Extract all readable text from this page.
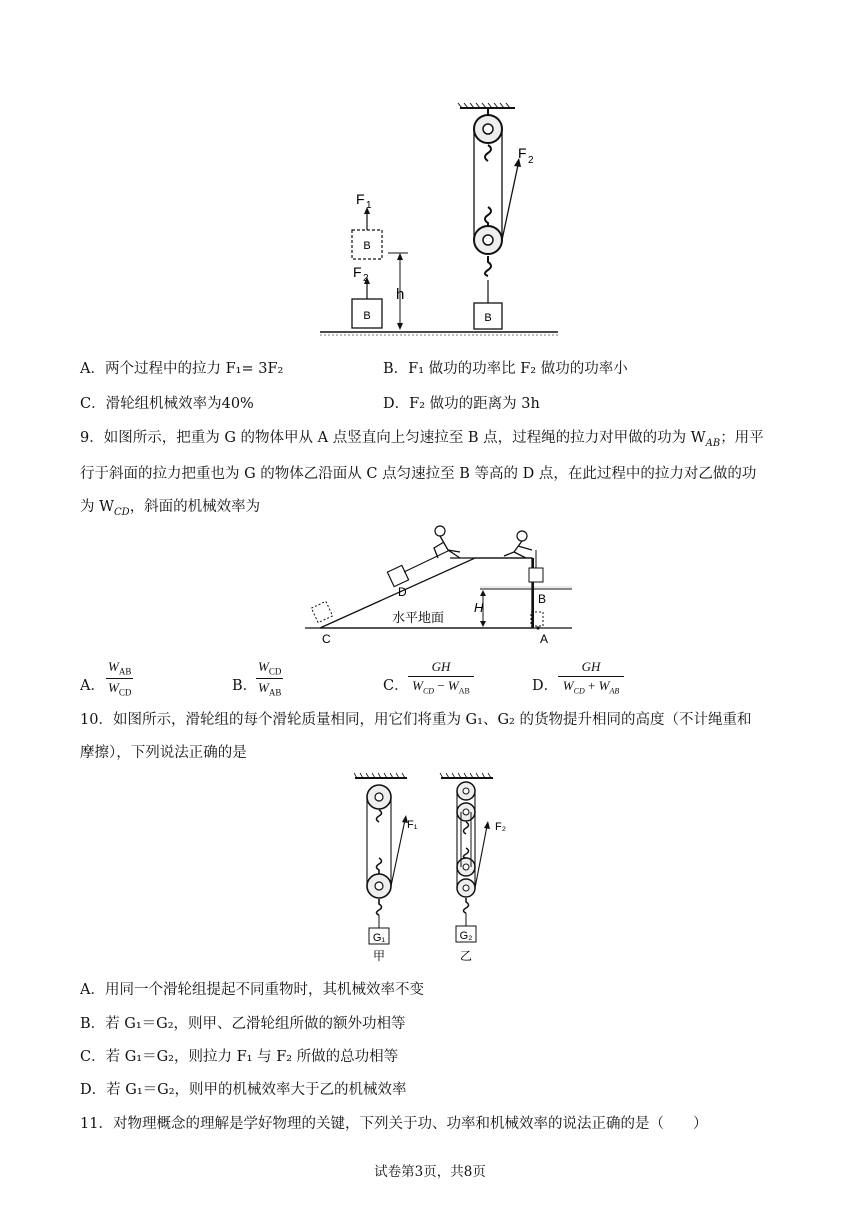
B
F 2
B
F 1
h
F 2
B
A．两个过程中的拉力 F₁= 3F₂	B．F₁ 做功的功率比 F₂ 做功的功率小
C．滑轮组机械效率为40%	D．F₂ 做功的距离为 3h
9．如图所示，把重为 G 的物体甲从 A 点竖直向上匀速拉至 B 点，过程绳的拉力对甲做的功为 $W_{AB}$；用平
行于斜面的拉力把重也为 G 的物体乙沿面从 C 点匀速拉至 B 等高的 D 点，在此过程中的拉力对乙做的功
为 $W_{CD}$，斜面的机械效率为
H
水平地面
C
D	B
A
A．
$W_{AB}$
$W_{CD}$	B．
$W_{CD}$
$W_{AB}$	C．
GH
$W_{CD} - W_{AB}$	D．
GH
$W_{CD} + W_{AB}$
10．如图所示，滑轮组的每个滑轮质量相同，用它们将重为 G₁、G₂ 的货物提升相同的高度（不计绳重和
摩擦），下列说法正确的是
F₁
G₁
甲
F₂
G₂
乙
A．用同一个滑轮组提起不同重物时，其机械效率不变
B．若 G₁＝G₂，则甲、乙滑轮组所做的额外功相等
C．若 G₁＝G₂，则拉力 F₁ 与 F₂ 所做的总功相等
D．若 G₁＝G₂，则甲的机械效率大于乙的机械效率
11．对物理概念的理解是学好物理的关键，下列关于功、功率和机械效率的说法正确的是（　　）
试卷第3页，共8页
